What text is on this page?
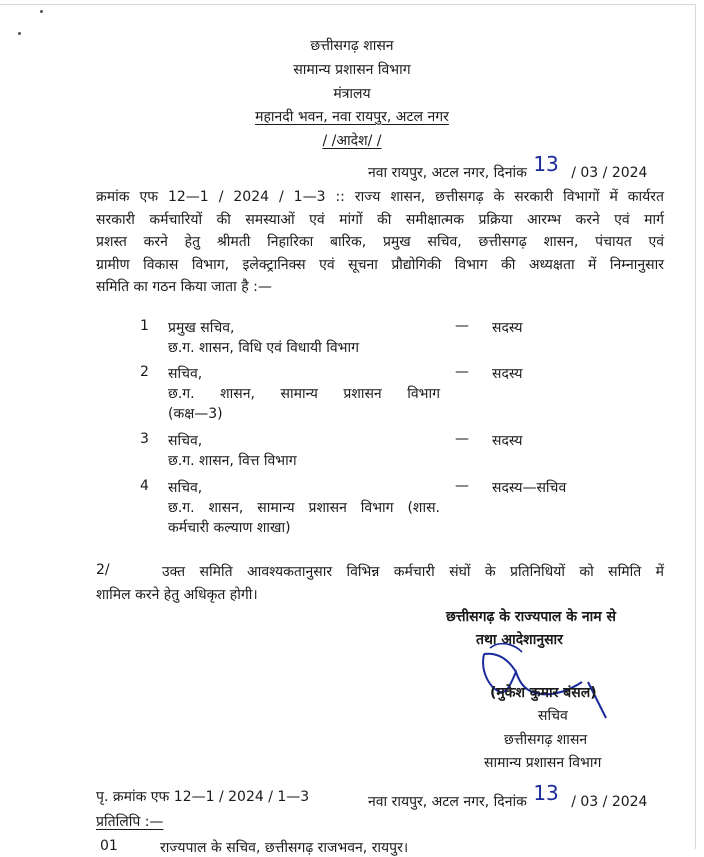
छत्तीसगढ़ शासन
सामान्य प्रशासन विभाग
मंत्रालय
महानदी भवन, नवा रायपुर, अटल नगर
/ /आदेश/ /
नवा रायपुर, अटल नगर, दिनांक 13 / 03 / 2024
क्रमांक एफ 12—1 / 2024 / 1—3 :: राज्य शासन, छत्तीसगढ़ के सरकारी विभागों में कार्यरत
सरकारी कर्मचारियों की समस्याओं एवं मांगों की समीक्षात्मक प्रक्रिया आरम्भ करने एवं मार्ग
प्रशस्त करने हेतु श्रीमती निहारिका बारिक, प्रमुख सचिव, छत्तीसगढ़ शासन, पंचायत एवं
ग्रामीण विकास विभाग, इलेक्ट्रानिक्स एवं सूचना प्रौद्योगिकी विभाग की अध्यक्षता में निम्नानुसार
समिति का गठन किया जाता है :—
1 प्रमुख सचिव,
छ.ग. शासन, विधि एवं विधायी विभाग
— सदस्य
2 सचिव,
छ.ग. शासन, सामान्य प्रशासन विभाग
(कक्ष—3)
— सदस्य
3 सचिव,
छ.ग. शासन, वित्त विभाग
— सदस्य
4 सचिव,
छ.ग. शासन, सामान्य प्रशासन विभाग (शास.
कर्मचारी कल्याण शाखा)
— सदस्य—सचिव
2/	उक्त समिति आवश्यकतानुसार विभिन्न कर्मचारी संघों के प्रतिनिधियों को समिति में
शामिल करने हेतु अधिकृत होगी।
छत्तीसगढ़ के राज्यपाल के नाम से
तथा आदेशानुसार
(मुकेश कुमार बंसल)
सचिव
छत्तीसगढ़ शासन
सामान्य प्रशासन विभाग
पृ. क्रमांक एफ 12—1 / 2024 / 1—3	नवा रायपुर, अटल नगर, दिनांक 13 / 03 / 2024
प्रतिलिपि :—
01	राज्यपाल के सचिव, छत्तीसगढ़ राजभवन, रायपुर।
